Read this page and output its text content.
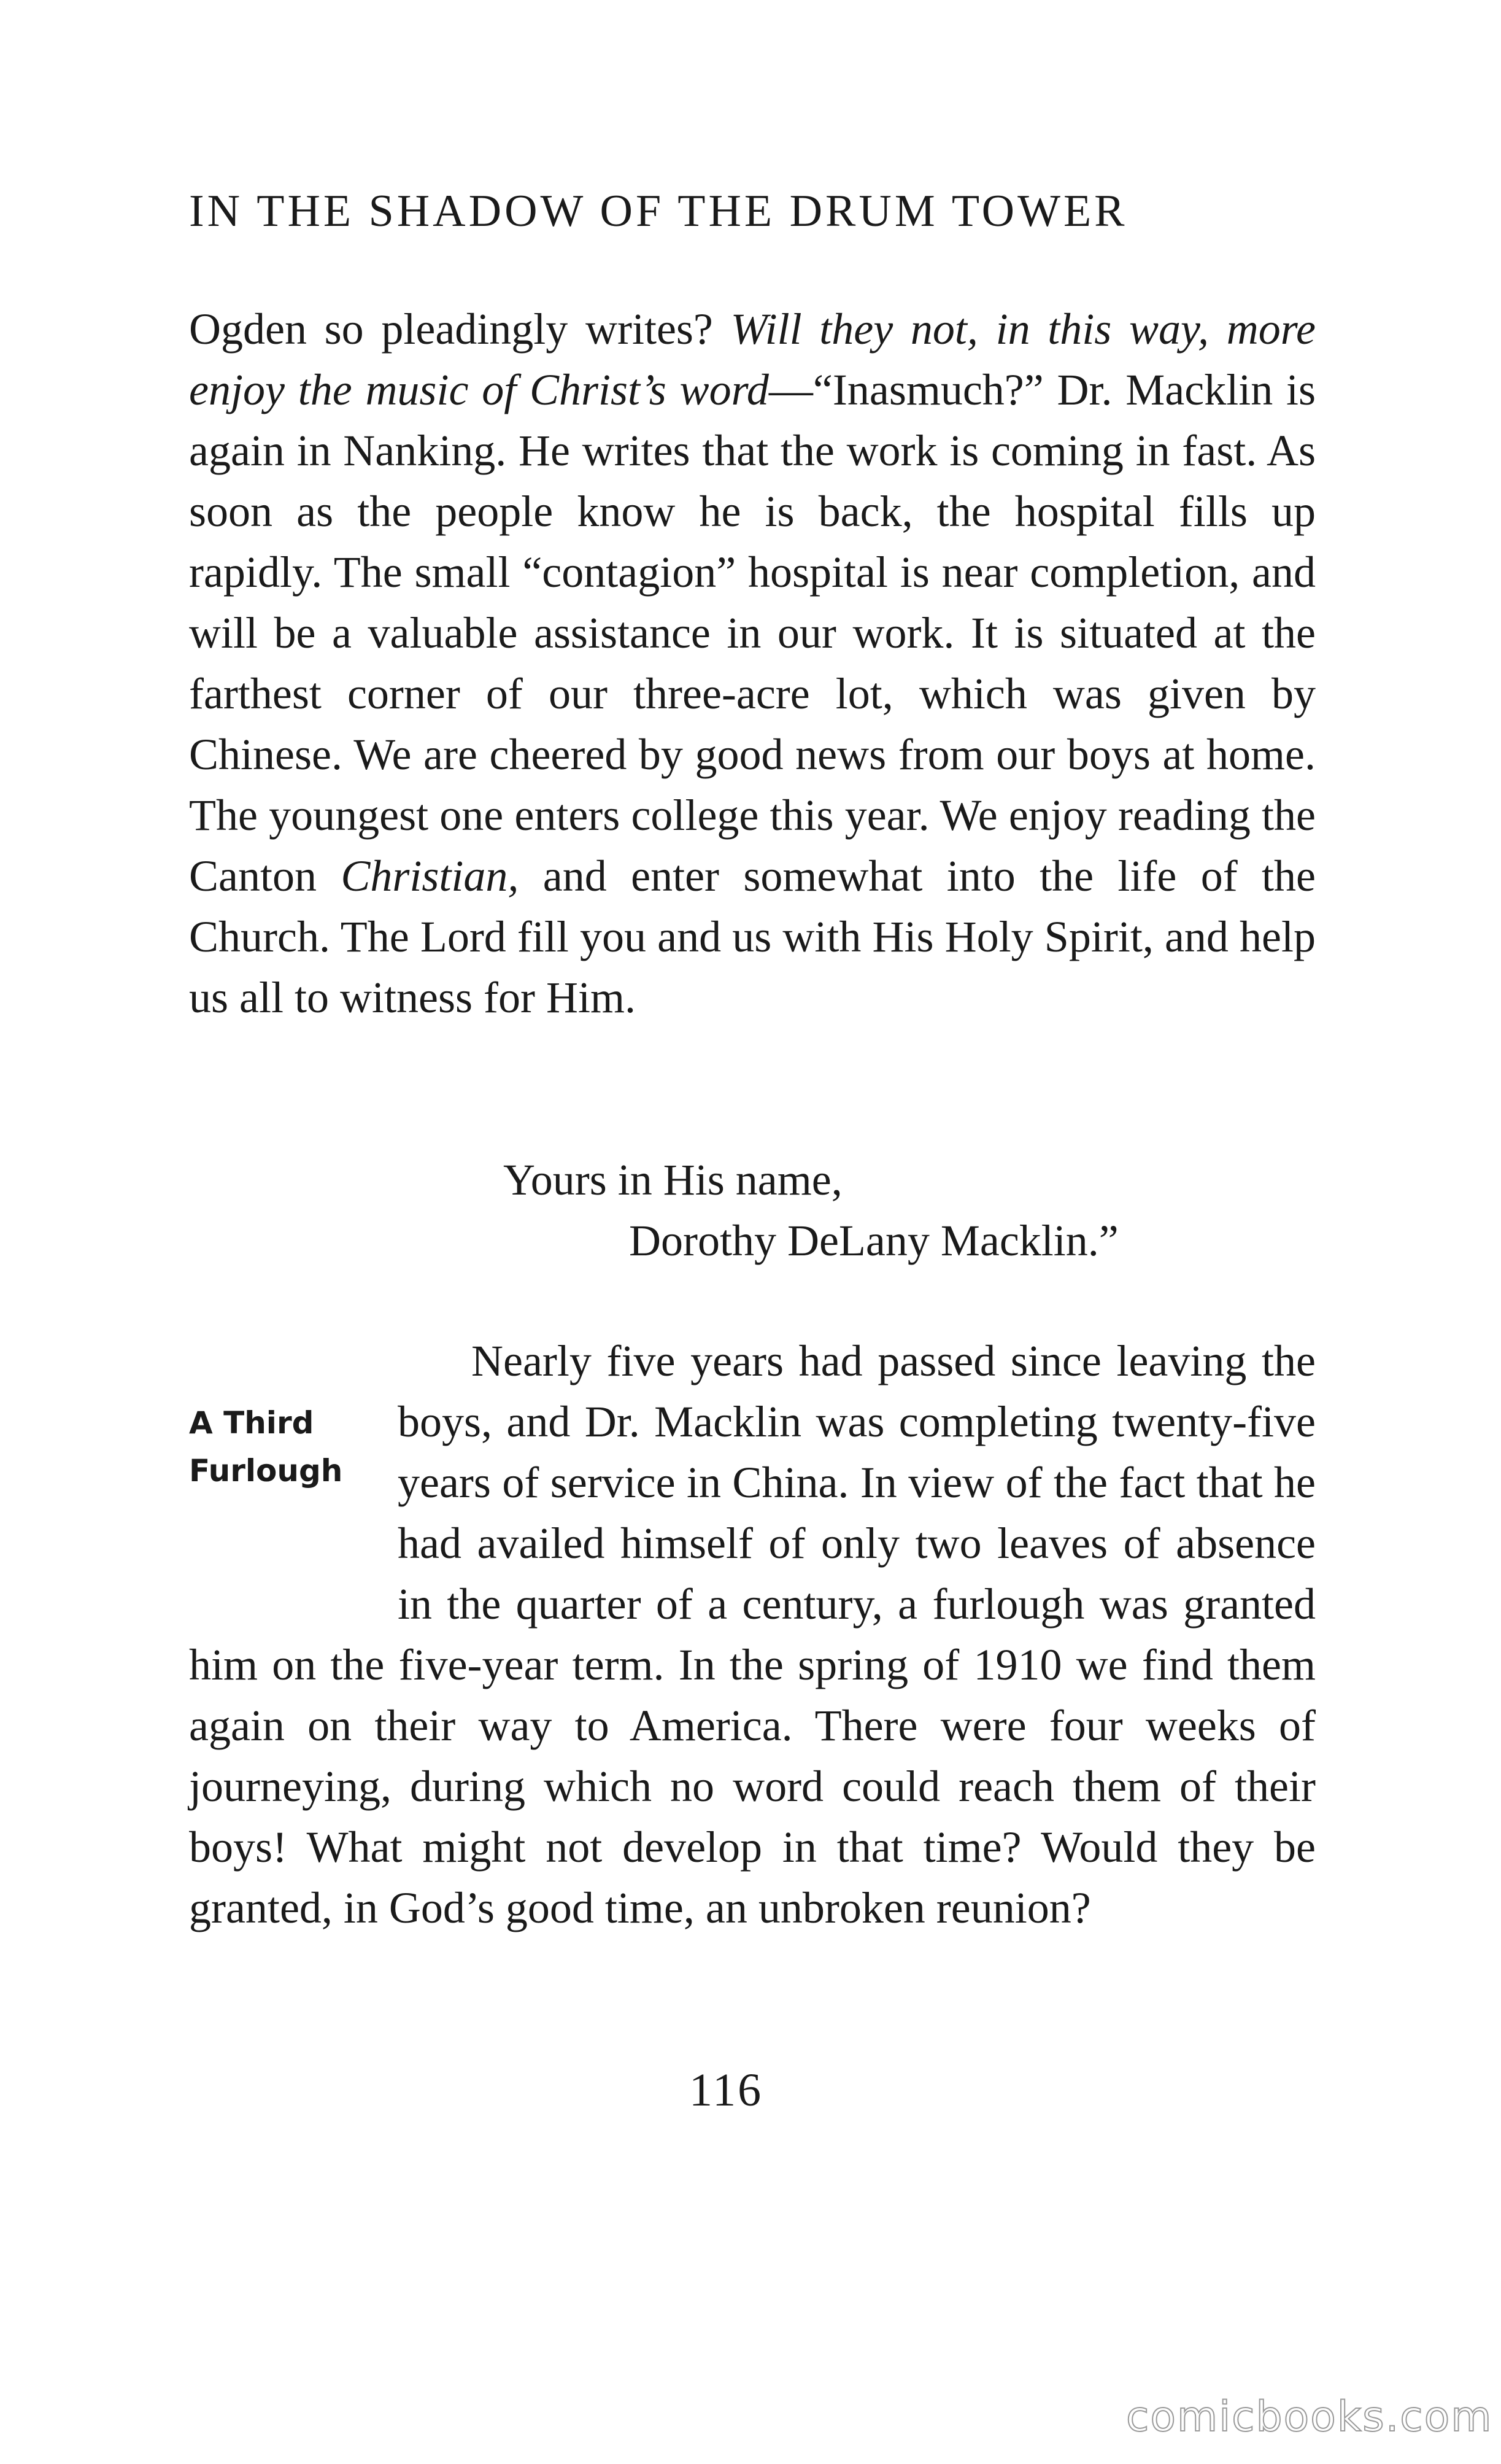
IN THE SHADOW OF THE DRUM TOWER
Ogden so pleadingly writes? Will they not, in this way, more enjoy the music of Christ’s word—“Inasmuch?” Dr. Macklin is again in Nanking. He writes that the work is coming in fast. As soon as the people know he is back, the hospital fills up rapidly. The small “contagion” hospital is near completion, and will be a valuable assistance in our work. It is situated at the farthest corner of our three-acre lot, which was given by Chinese. We are cheered by good news from our boys at home. The youngest one enters college this year. We enjoy reading the Canton Christian, and enter somewhat into the life of the Church. The Lord fill you and us with His Holy Spirit, and help us all to witness for Him.
Yours in His name,
Dorothy DeLany Macklin.”
A Third
Furlough
Nearly five years had passed since leaving the boys, and Dr. Macklin was completing twenty-five years of service in China. In view of the fact that he had availed himself of only two leaves of absence in the quarter of a century, a furlough was granted him on the five-year term. In the spring of 1910 we find them again on their way to America. There were four weeks of journeying, during which no word could reach them of their boys! What might not develop in that time? Would they be granted, in God’s good time, an unbroken reunion?
116
comicbooks.com
